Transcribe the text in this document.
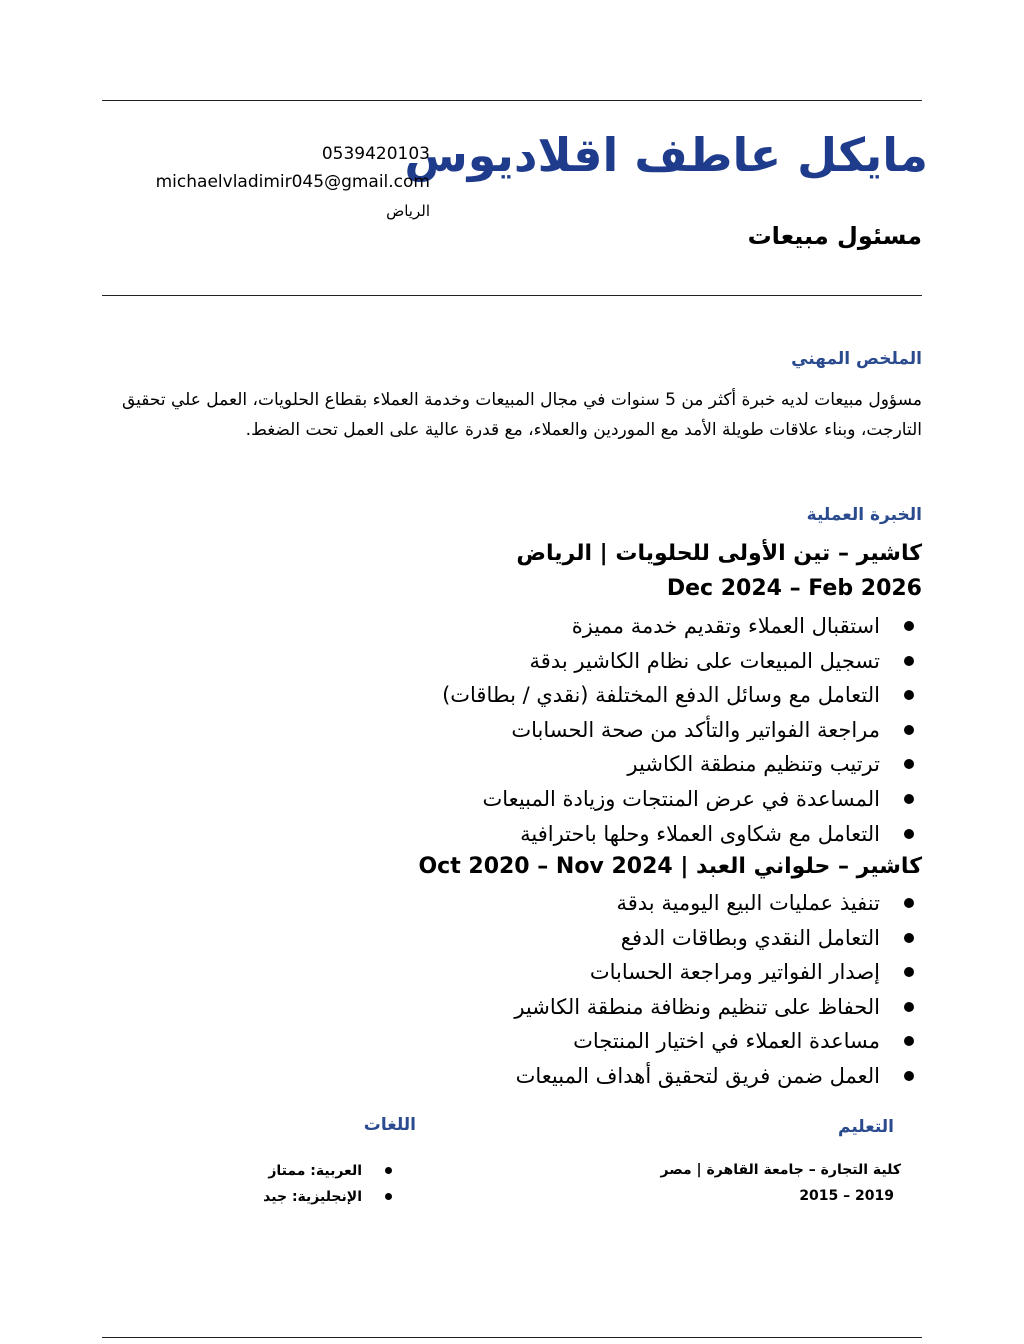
مايكل عاطف اقلاديوس
مسئول مبيعات
0539420103
michaelvladimir045@gmail.com
الرياض
الملخص المهني
مسؤول مبيعات لديه خبرة أكثر من 5 سنوات في مجال المبيعات وخدمة العملاء بقطاع الحلويات، العمل علي تحقيق التارجت، وبناء علاقات طويلة الأمد مع الموردين والعملاء، مع قدرة عالية على العمل تحت الضغط.
الخبرة العملية
كاشير – تين الأولى للحلويات | الرياض
Dec 2024 – Feb 2026
استقبال العملاء وتقديم خدمة مميزة
تسجيل المبيعات على نظام الكاشير بدقة
التعامل مع وسائل الدفع المختلفة (نقدي / بطاقات)
مراجعة الفواتير والتأكد من صحة الحسابات
ترتيب وتنظيم منطقة الكاشير
المساعدة في عرض المنتجات وزيادة المبيعات
التعامل مع شكاوى العملاء وحلها باحترافية
كاشير – حلواني العبد | Oct 2020 – Nov 2024
تنفيذ عمليات البيع اليومية بدقة
التعامل النقدي وبطاقات الدفع
إصدار الفواتير ومراجعة الحسابات
الحفاظ على تنظيم ونظافة منطقة الكاشير
مساعدة العملاء في اختيار المنتجات
العمل ضمن فريق لتحقيق أهداف المبيعات
التعليم
كلية التجارة – جامعة القاهرة | مصر
2015 – 2019
اللغات
العربية: ممتاز
الإنجليزية: جيد
